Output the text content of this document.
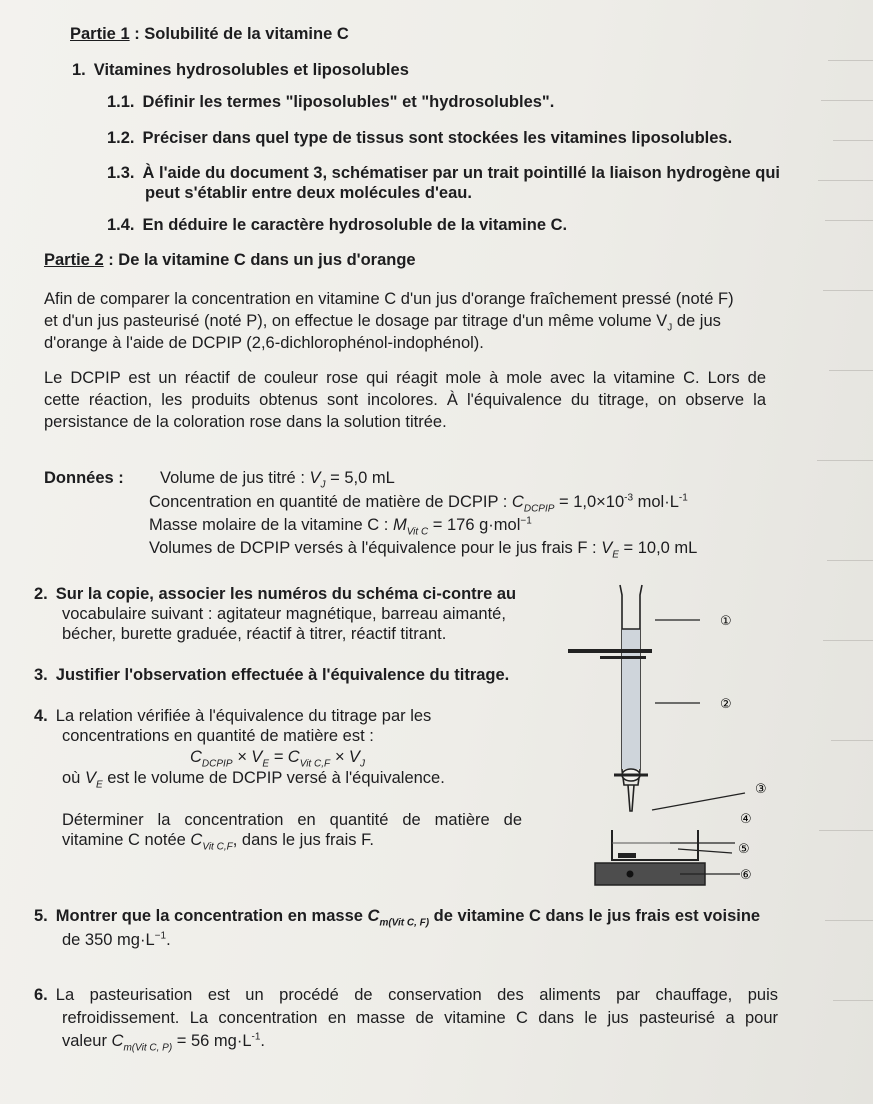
Partie 1 : Solubilité de la vitamine C
1. Vitamines hydrosolubles et liposolubles
1.1. Définir les termes "liposolubles" et "hydrosolubles".
1.2. Préciser dans quel type de tissus sont stockées les vitamines liposolubles.
1.3. À l'aide du document 3, schématiser par un trait pointillé la liaison hydrogène qui
peut s'établir entre deux molécules d'eau.
1.4. En déduire le caractère hydrosoluble de la vitamine C.
Partie 2 : De la vitamine C dans un jus d'orange
Afin de comparer la concentration en vitamine C d'un jus d'orange fraîchement pressé (noté F)
et d'un jus pasteurisé (noté P), on effectue le dosage par titrage d'un même volume $V_J$ de jus
d'orange à l'aide de DCPIP (2,6-dichlorophénol-indophénol).
Le DCPIP est un réactif de couleur rose qui réagit mole à mole avec la vitamine C. Lors de
cette réaction, les produits obtenus sont incolores. À l'équivalence du titrage, on observe la
persistance de la coloration rose dans la solution titrée.
Données : Volume de jus titré : $V_J = 5,0$ mL
Concentration en quantité de matière de DCPIP : $C_{DCPIP} = 1,0\times 10^{-3}$ $mol\cdot L^{-1}$
Masse molaire de la vitamine C : $M_{Vit C} = 176$ g·mol$^{-1}$
Volumes de DCPIP versés à l'équivalence pour le jus frais F : $V_E = 10,0$ mL
2. Sur la copie, associer les numéros du schéma ci-contre au
vocabulaire suivant : agitateur magnétique, barreau aimanté,
bécher, burette graduée, réactif à titrer, réactif titrant.
3. Justifier l'observation effectuée à l'équivalence du titrage.
4. La relation vérifiée à l'équivalence du titrage par les
concentrations en quantité de matière est :
$C_{DCPIP} \times V_E = C_{Vit C,F} \times V_J$
où $V_E$ est le volume de DCPIP versé à l'équivalence.
Déterminer la concentration en quantité de matière de
vitamine C notée $C_{Vit C,F}$, dans le jus frais F.
5. Montrer que la concentration en masse $C_{m(Vit C, F)}$ de vitamine C dans le jus frais est voisine
de 350 $mg\cdot L^{-1}$.
6. La pasteurisation est un procédé de conservation des aliments par chauffage, puis
refroidissement. La concentration en masse de vitamine C dans le jus pasteurisé a pour
valeur $C_{m(Vit C, P)} = 56$ $mg\cdot L^{-1}$.
①
②
③
④
⑤
⑥
